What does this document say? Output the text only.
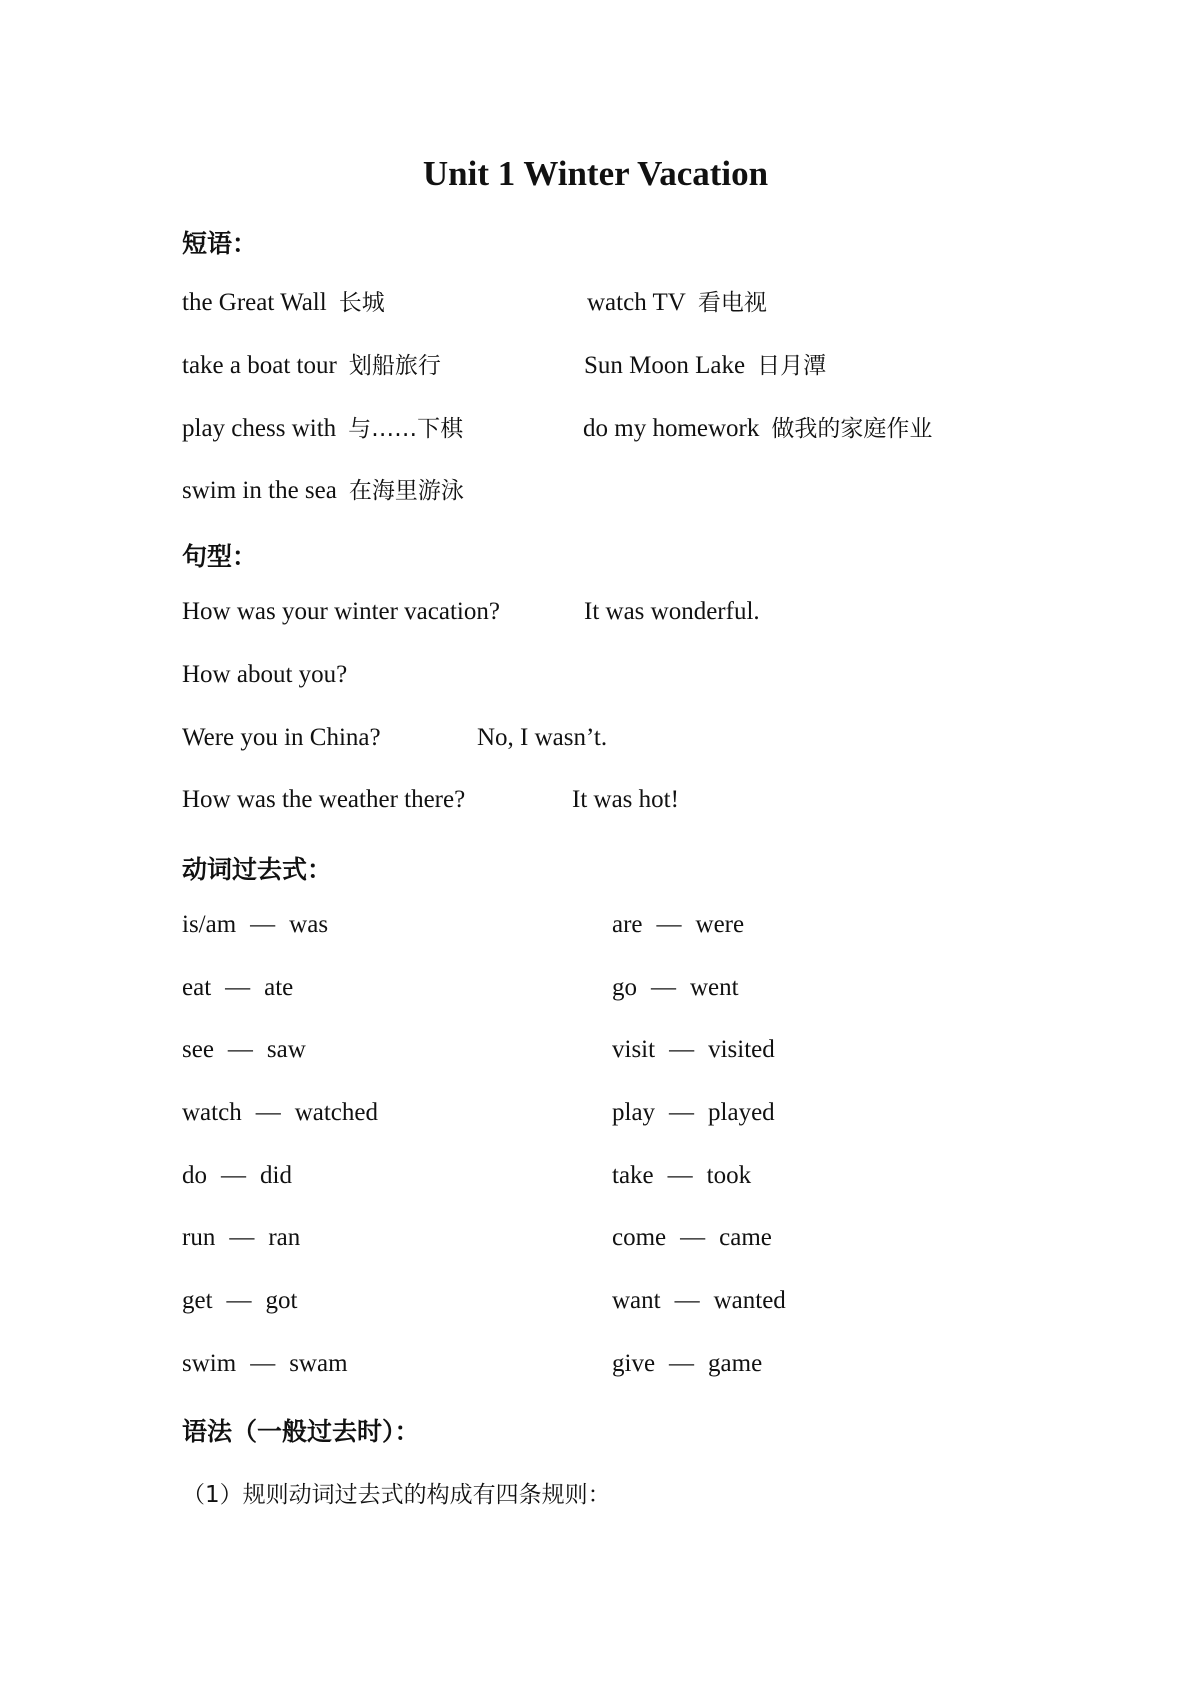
Unit 1 Winter Vacation
短语：
the Great Wall 长城	watch TV 看电视
take a boat tour 划船旅行	Sun Moon Lake 日月潭
play chess with 与……下棋	do my homework 做我的家庭作业
swim in the sea 在海里游泳
句型：
How was your winter vacation?	It was wonderful.
How about you?
Were you in China?	No, I wasn’t.
How was the weather there?	It was hot!
动词过去式：
is/am — was	are — were
eat — ate	go — went
see — saw	visit — visited
watch — watched	play — played
do — did	take — took
run — ran	come — came
get — got	want — wanted
swim — swam	give — game
语法（一般过去时）：
（1）规则动词过去式的构成有四条规则：
